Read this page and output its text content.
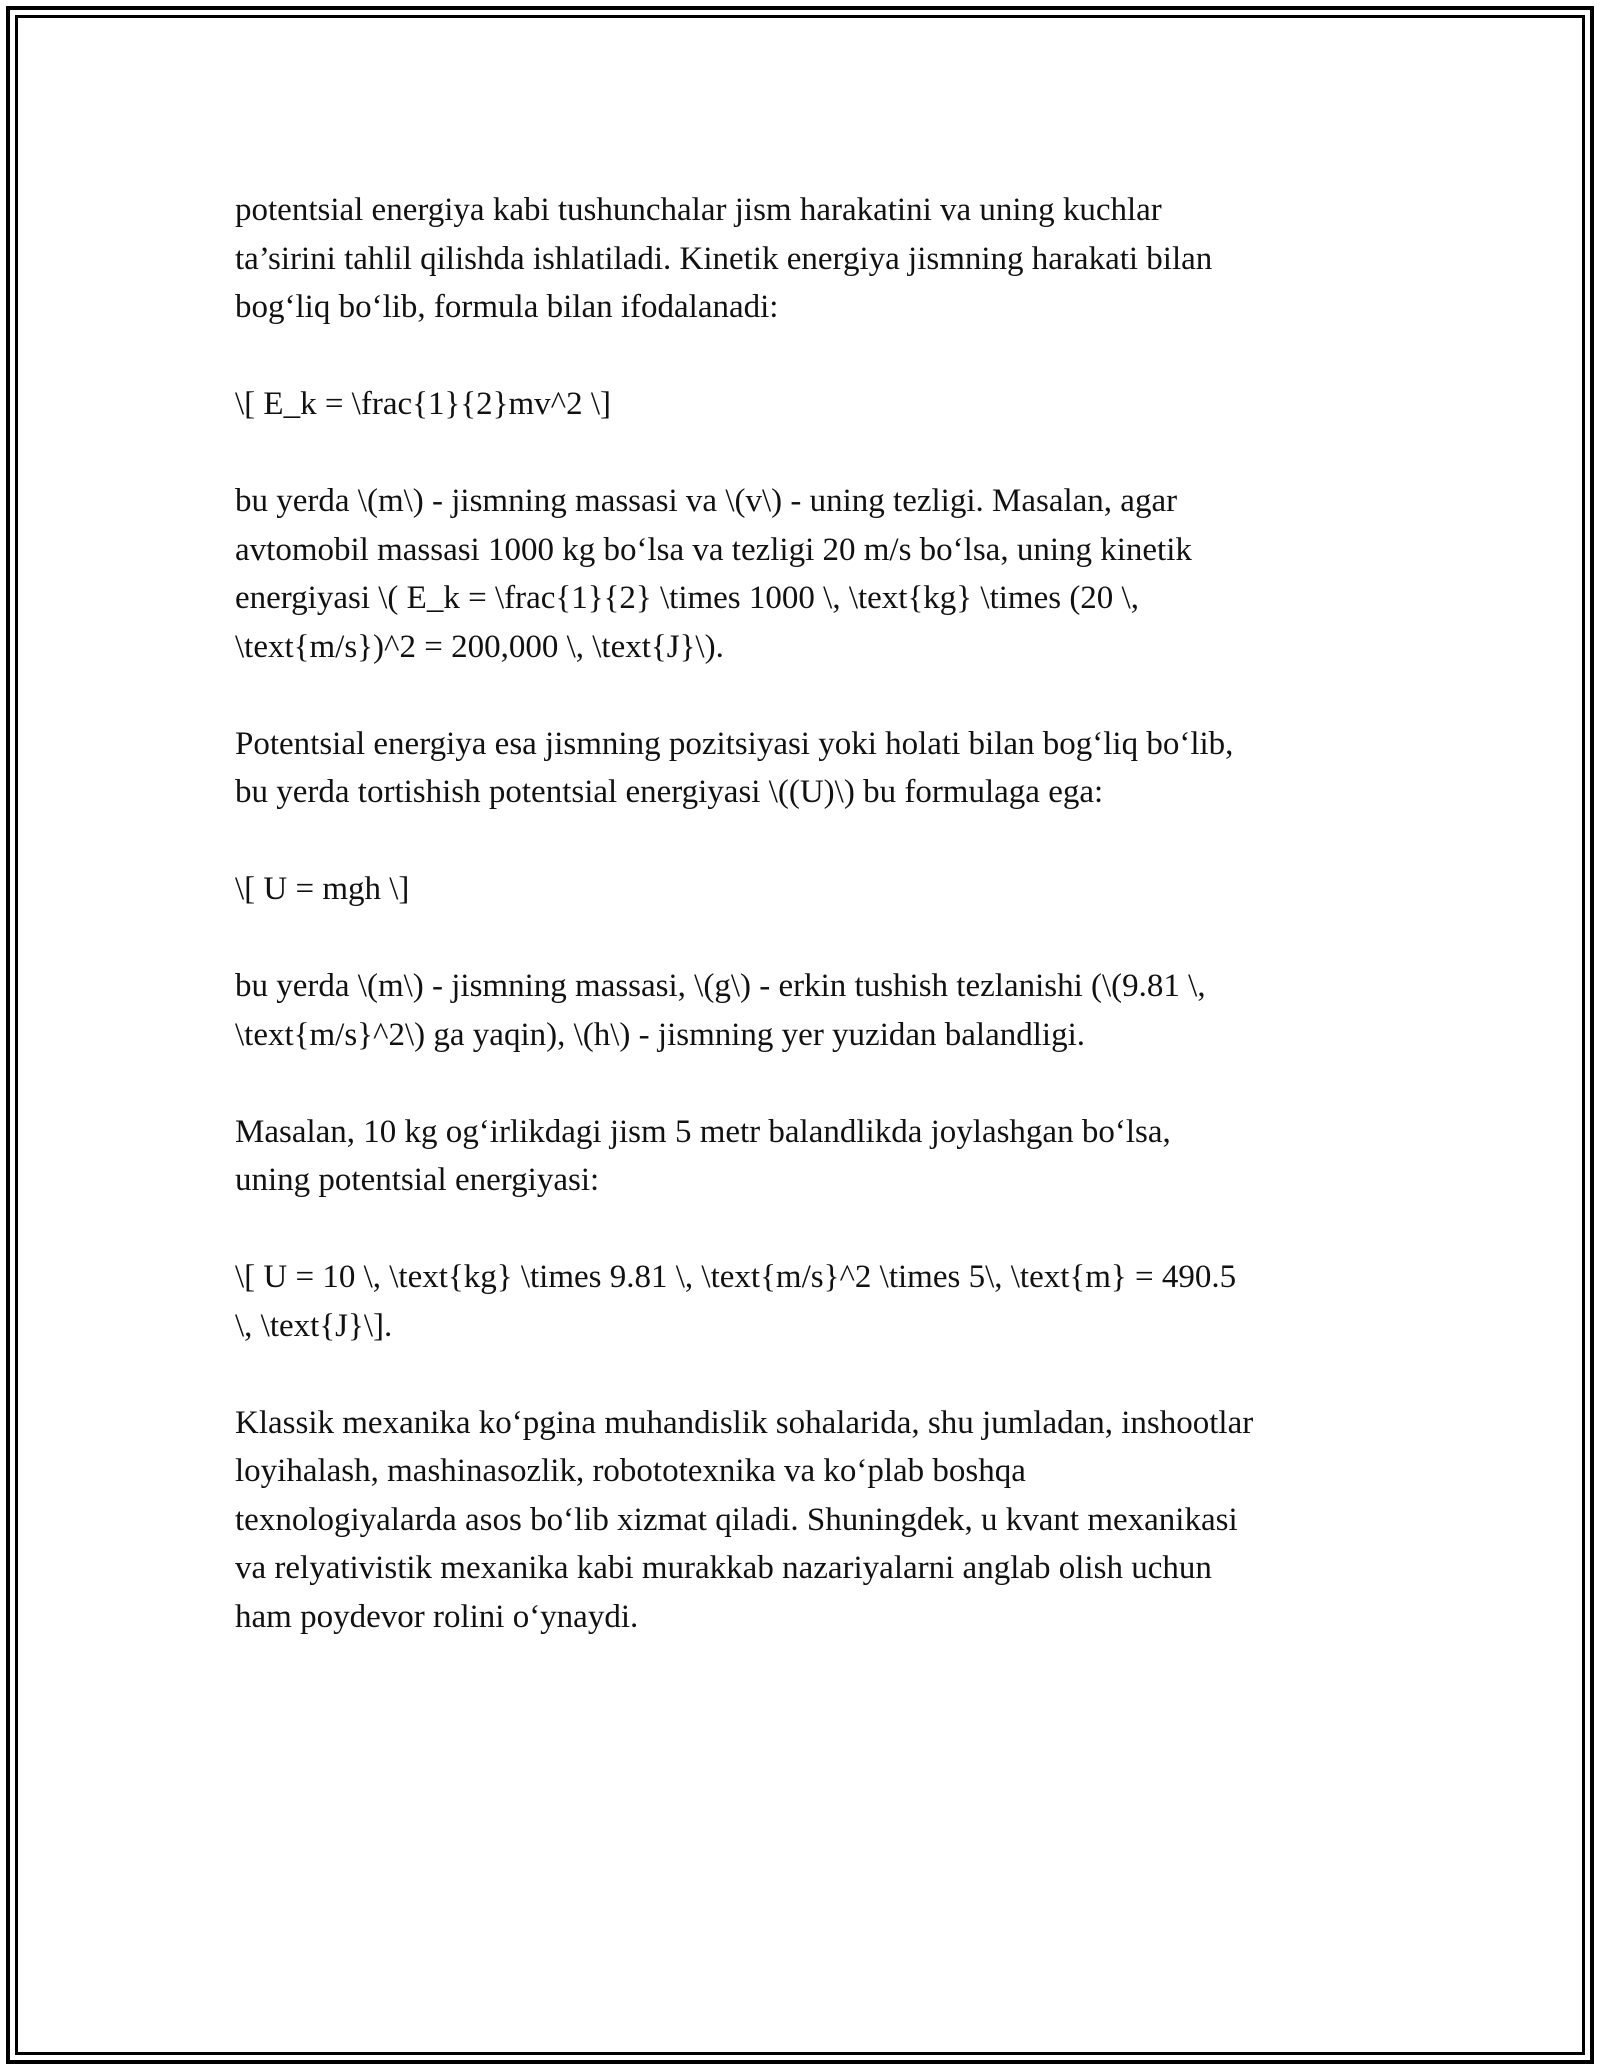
potentsial energiya kabi tushunchalar jism harakatini va uning kuchlar
ta’sirini tahlil qilishda ishlatiladi. Kinetik energiya jismning harakati bilan
bog‘liq bo‘lib, formula bilan ifodalanadi:

\[ E_k = \frac{1}{2}mv^2 \]

bu yerda \(m\) - jismning massasi va \(v\) - uning tezligi. Masalan, agar
avtomobil massasi 1000 kg bo‘lsa va tezligi 20 m/s bo‘lsa, uning kinetik
energiyasi \( E_k = \frac{1}{2} \times 1000 \, \text{kg} \times (20 \,
\text{m/s})^2 = 200,000 \, \text{J}\).

Potentsial energiya esa jismning pozitsiyasi yoki holati bilan bog‘liq bo‘lib,
bu yerda tortishish potentsial energiyasi \((U)\) bu formulaga ega:

\[ U = mgh \]

bu yerda \(m\) - jismning massasi, \(g\) - erkin tushish tezlanishi (\(9.81 \,
\text{m/s}^2\) ga yaqin), \(h\) - jismning yer yuzidan balandligi.

Masalan, 10 kg og‘irlikdagi jism 5 metr balandlikda joylashgan bo‘lsa,
uning potentsial energiyasi:

\[ U = 10 \, \text{kg} \times 9.81 \, \text{m/s}^2 \times 5\, \text{m} = 490.5
\, \text{J}\].

Klassik mexanika ko‘pgina muhandislik sohalarida, shu jumladan, inshootlar
loyihalash, mashinasozlik, robototexnika va ko‘plab boshqa
texnologiyalarda asos bo‘lib xizmat qiladi. Shuningdek, u kvant mexanikasi
va relyativistik mexanika kabi murakkab nazariyalarni anglab olish uchun
ham poydevor rolini o‘ynaydi.
